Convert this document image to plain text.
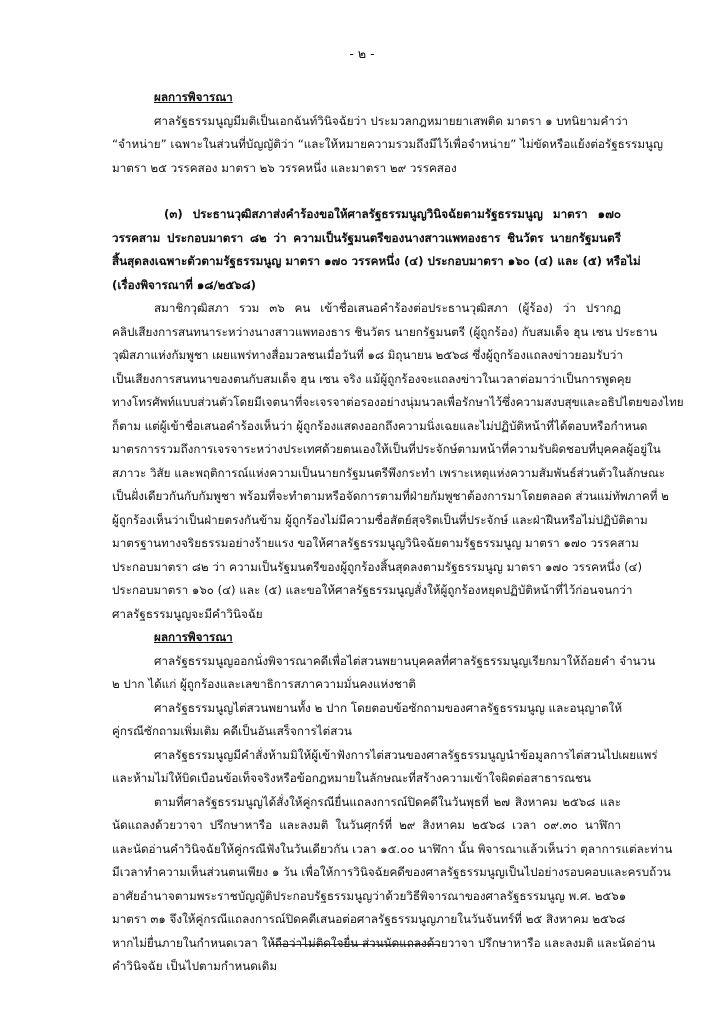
- ๒ -
ผลการพิจารณา
ศาลรัฐธรรมนูญมีมติเป็นเอกฉันท์วินิจฉัยว่า ประมวลกฎหมายยาเสพติด มาตรา ๑ บทนิยามคำว่า
“จำหน่าย” เฉพาะในส่วนที่บัญญัติว่า “และให้หมายความรวมถึงมีไว้เพื่อจำหน่าย” ไม่ขัดหรือแย้งต่อรัฐธรรมนูญ
มาตรา ๒๕ วรรคสอง มาตรา ๒๖ วรรคหนึ่ง และมาตรา ๒๙ วรรคสอง
(๓) ประธานวุฒิสภาส่งคำร้องขอให้ศาลรัฐธรรมนูญวินิจฉัยตามรัฐธรรมนูญ มาตรา ๑๗๐
วรรคสาม ประกอบมาตรา ๘๒ ว่า ความเป็นรัฐมนตรีของนางสาวแพทองธาร ชินวัตร นายกรัฐมนตรี
สิ้นสุดลงเฉพาะตัวตามรัฐธรรมนูญ มาตรา ๑๗๐ วรรคหนึ่ง (๔) ประกอบมาตรา ๑๖๐ (๔) และ (๕) หรือไม่
(เรื่องพิจารณาที่ ๑๘/๒๕๖๘)
สมาชิกวุฒิสภา รวม ๓๖ คน เข้าชื่อเสนอคำร้องต่อประธานวุฒิสภา (ผู้ร้อง) ว่า ปรากฏ
คลิปเสียงการสนทนาระหว่างนางสาวแพทองธาร ชินวัตร นายกรัฐมนตรี (ผู้ถูกร้อง) กับสมเด็จ ฮุน เซน ประธาน
วุฒิสภาแห่งกัมพูชา เผยแพร่ทางสื่อมวลชนเมื่อวันที่ ๑๘ มิถุนายน ๒๕๖๘ ซึ่งผู้ถูกร้องแถลงข่าวยอมรับว่า
เป็นเสียงการสนทนาของตนกับสมเด็จ ฮุน เซน จริง แม้ผู้ถูกร้องจะแถลงข่าวในเวลาต่อมาว่าเป็นการพูดคุย
ทางโทรศัพท์แบบส่วนตัวโดยมีเจตนาที่จะเจรจาต่อรองอย่างนุ่มนวลเพื่อรักษาไว้ซึ่งความสงบสุขและอธิปไตยของไทย
ก็ตาม แต่ผู้เข้าชื่อเสนอคำร้องเห็นว่า ผู้ถูกร้องแสดงออกถึงความนิ่งเฉยและไม่ปฏิบัติหน้าที่ได้ตอบหรือกำหนด
มาตรการรวมถึงการเจรจาระหว่างประเทศด้วยตนเองให้เป็นที่ประจักษ์ตามหน้าที่ความรับผิดชอบที่บุคคลผู้อยู่ใน
สภาวะ วิสัย และพฤติการณ์แห่งความเป็นนายกรัฐมนตรีพึงกระทำ เพราะเหตุแห่งความสัมพันธ์ส่วนตัวในลักษณะ
เป็นฝั่งเดียวกันกับกัมพูชา พร้อมที่จะทำตามหรือจัดการตามที่ฝ่ายกัมพูชาต้องการมาโดยตลอด ส่วนแม่ทัพภาคที่ ๒
ผู้ถูกร้องเห็นว่าเป็นฝ่ายตรงกันข้าม ผู้ถูกร้องไม่มีความซื่อสัตย์สุจริตเป็นที่ประจักษ์ และฝ่าฝืนหรือไม่ปฏิบัติตาม
มาตรฐานทางจริยธรรมอย่างร้ายแรง ขอให้ศาลรัฐธรรมนูญวินิจฉัยตามรัฐธรรมนูญ มาตรา ๑๗๐ วรรคสาม
ประกอบมาตรา ๘๒ ว่า ความเป็นรัฐมนตรีของผู้ถูกร้องสิ้นสุดลงตามรัฐธรรมนูญ มาตรา ๑๗๐ วรรคหนึ่ง (๔)
ประกอบมาตรา ๑๖๐ (๔) และ (๕) และขอให้ศาลรัฐธรรมนูญสั่งให้ผู้ถูกร้องหยุดปฏิบัติหน้าที่ไว้ก่อนจนกว่า
ศาลรัฐธรรมนูญจะมีคำวินิจฉัย
ผลการพิจารณา
ศาลรัฐธรรมนูญออกนั่งพิจารณาคดีเพื่อไต่สวนพยานบุคคลที่ศาลรัฐธรรมนูญเรียกมาให้ถ้อยคำ จำนวน
๒ ปาก ได้แก่ ผู้ถูกร้องและเลขาธิการสภาความมั่นคงแห่งชาติ
ศาลรัฐธรรมนูญไต่สวนพยานทั้ง ๒ ปาก โดยตอบข้อซักถามของศาลรัฐธรรมนูญ และอนุญาตให้
คู่กรณีซักถามเพิ่มเติม คดีเป็นอันเสร็จการไต่สวน
ศาลรัฐธรรมนูญมีคำสั่งห้ามมิให้ผู้เข้าฟังการไต่สวนของศาลรัฐธรรมนูญนำข้อมูลการไต่สวนไปเผยแพร่
และห้ามไม่ให้บิดเบือนข้อเท็จจริงหรือข้อกฎหมายในลักษณะที่สร้างความเข้าใจผิดต่อสาธารณชน
ตามที่ศาลรัฐธรรมนูญได้สั่งให้คู่กรณียื่นแถลงการณ์ปิดคดีในวันพุธที่ ๒๗ สิงหาคม ๒๕๖๘ และ
นัดแถลงด้วยวาจา ปรึกษาหารือ และลงมติ ในวันศุกร์ที่ ๒๙ สิงหาคม ๒๕๖๘ เวลา ๐๙.๓๐ นาฬิกา
และนัดอ่านคำวินิจฉัยให้คู่กรณีฟังในวันเดียวกัน เวลา ๑๕.๐๐ นาฬิกา นั้น พิจารณาแล้วเห็นว่า ตุลาการแต่ละท่าน
มีเวลาทำความเห็นส่วนตนเพียง ๑ วัน เพื่อให้การวินิจฉัยคดีของศาลรัฐธรรมนูญเป็นไปอย่างรอบคอบและครบถ้วน
อาศัยอำนาจตามพระราชบัญญัติประกอบรัฐธรรมนูญว่าด้วยวิธีพิจารณาของศาลรัฐธรรมนูญ พ.ศ. ๒๕๖๑
มาตรา ๓๑ จึงให้คู่กรณีแถลงการณ์ปิดคดีเสนอต่อศาลรัฐธรรมนูญภายในวันจันทร์ที่ ๒๕ สิงหาคม ๒๕๖๘
หากไม่ยื่นภายในกำหนดเวลา ให้ถือว่าไม่ติดใจยื่น ส่วนนัดแถลงด้วยวาจา ปรึกษาหารือ และลงมติ และนัดอ่าน
คำวินิจฉัย เป็นไปตามกำหนดเดิม
